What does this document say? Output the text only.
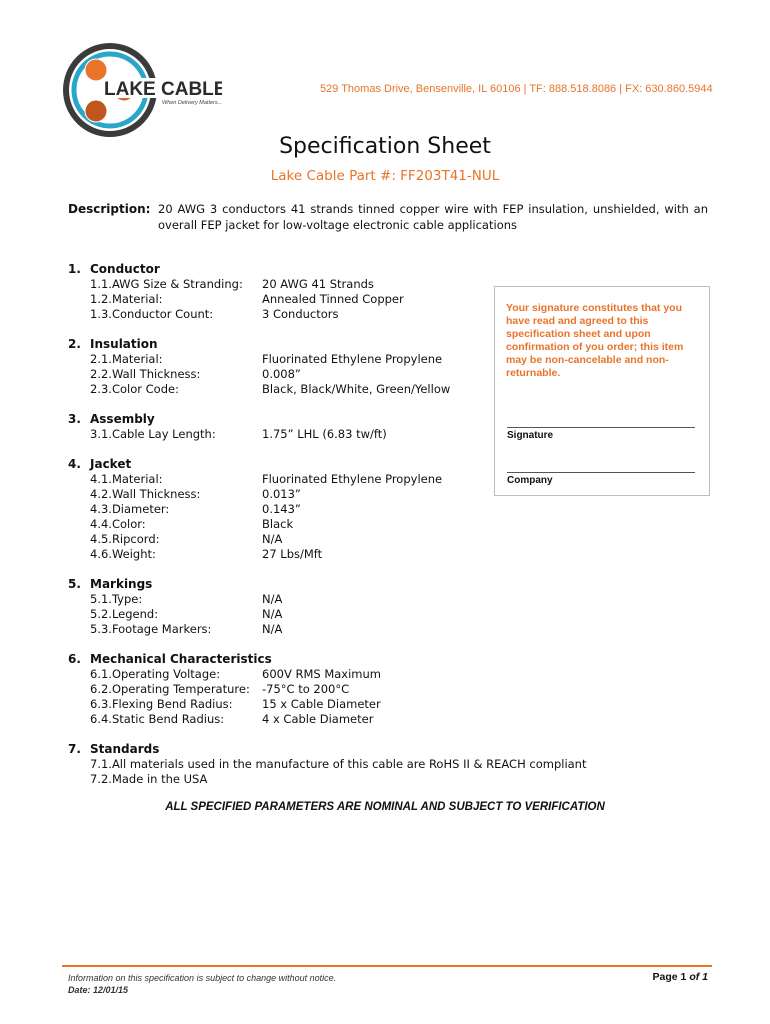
LAKE CABLE
When Delivery Matters...
529 Thomas Drive, Bensenville, IL 60106 | TF: 888.518.8086 | FX: 630.860.5944
Specification Sheet
Lake Cable Part #: FF203T41-NUL
Description: 20 AWG 3 conductors 41 strands tinned copper wire with FEP insulation, unshielded, with an overall FEP jacket for low-voltage electronic cable applications
1. Conductor
1.1.AWG Size & Stranding: 20 AWG 41 Strands
1.2.Material:	Annealed Tinned Copper
1.3.Conductor Count:	3 Conductors
2. Insulation
2.1.Material:	Fluorinated Ethylene Propylene
2.2.Wall Thickness:	0.008”
2.3.Color Code:	Black, Black/White, Green/Yellow
3. Assembly
3.1.Cable Lay Length:	1.75” LHL (6.83 tw/ft)
4. Jacket
4.1.Material:	Fluorinated Ethylene Propylene
4.2.Wall Thickness:	0.013”
4.3.Diameter:	0.143”
4.4.Color:	Black
4.5.Ripcord:	N/A
4.6.Weight:	27 Lbs/Mft
5. Markings
5.1.Type:	N/A
5.2.Legend:	N/A
5.3.Footage Markers:	N/A
6. Mechanical Characteristics
6.1.Operating Voltage:	600V RMS Maximum
6.2.Operating Temperature: -75°C to 200°C
6.3.Flexing Bend Radius:	15 x Cable Diameter
6.4.Static Bend Radius:	4 x Cable Diameter
7. Standards
7.1.All materials used in the manufacture of this cable are RoHS II & REACH compliant
7.2.Made in the USA
Your signature constitutes that you have read and agreed to this specification sheet and upon confirmation of you order; this item may be non-cancelable and non-returnable.
Signature
Company
ALL SPECIFIED PARAMETERS ARE NOMINAL AND SUBJECT TO VERIFICATION
Information on this specification is subject to change without notice.
Date: 12/01/15
Page 1 of 1
